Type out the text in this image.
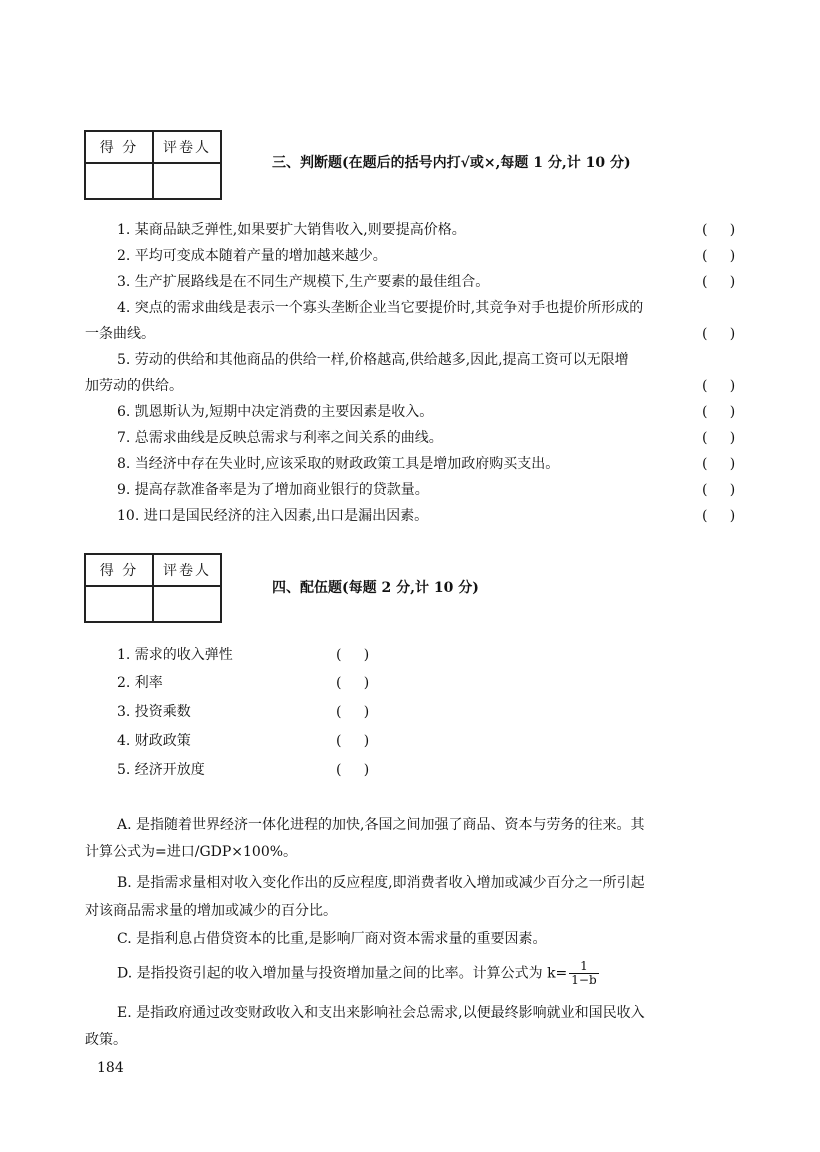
得 分	评卷人

三、判断题(在题后的括号内打√或×,每题 1 分,计 10 分)
1. 某商品缺乏弹性,如果要扩大销售收入,则要提高价格。	(     )
2. 平均可变成本随着产量的增加越来越少。	(     )
3. 生产扩展路线是在不同生产规模下,生产要素的最佳组合。	(     )
4. 突点的需求曲线是表示一个寡头垄断企业当它要提价时,其竞争对手也提价所形成的
一条曲线。	(     )
5. 劳动的供给和其他商品的供给一样,价格越高,供给越多,因此,提高工资可以无限增
加劳动的供给。	(     )
6. 凯恩斯认为,短期中决定消费的主要因素是收入。	(     )
7. 总需求曲线是反映总需求与利率之间关系的曲线。	(     )
8. 当经济中存在失业时,应该采取的财政政策工具是增加政府购买支出。	(     )
9. 提高存款准备率是为了增加商业银行的贷款量。	(     )
10. 进口是国民经济的注入因素,出口是漏出因素。	(     )
得 分	评卷人

四、配伍题(每题 2 分,计 10 分)
1. 需求的收入弹性	(     )
2. 利率	(     )
3. 投资乘数	(     )
4. 财政政策	(     )
5. 经济开放度	(     )
A. 是指随着世界经济一体化进程的加快,各国之间加强了商品、资本与劳务的往来。其
计算公式为=进口/GDP×100%。
B. 是指需求量相对收入变化作出的反应程度,即消费者收入增加或减少百分之一所引起
对该商品需求量的增加或减少的百分比。
C. 是指利息占借贷资本的比重,是影响厂商对资本需求量的重要因素。
D. 是指投资引起的收入增加量与投资增加量之间的比率。计算公式为 $k= \frac{1}{1-b}$
E. 是指政府通过改变财政收入和支出来影响社会总需求,以便最终影响就业和国民收入
政策。
184
